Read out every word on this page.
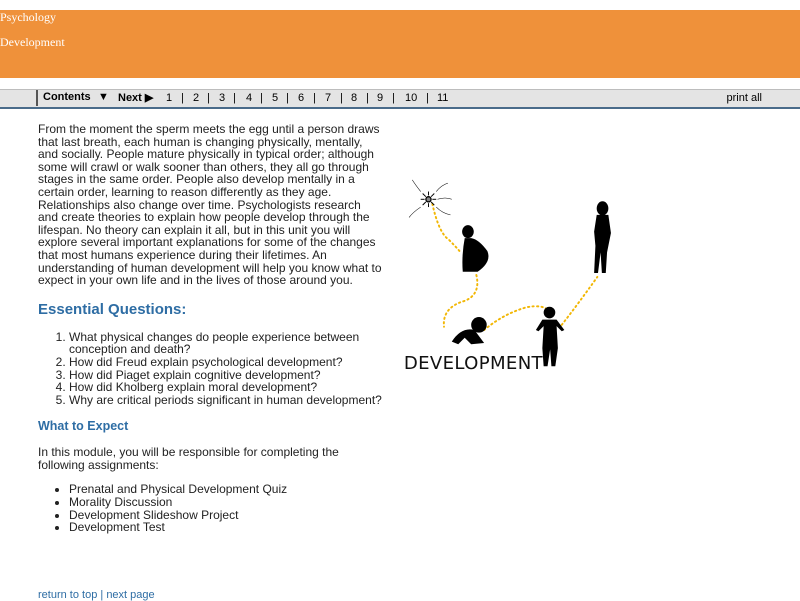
Psychology
Development
Contents ▼ Next ▶ 1 | 2 | 3 | 4 | 5 | 6 | 7 | 8 | 9 | 10 | 11	print all

From the moment the sperm meets the egg until a person draws that last breath, each human is changing physically, mentally, and socially. People mature physically in typical order; although some will crawl or walk sooner than others, they all go through stages in the same order. People also develop mentally in a certain order, learning to reason differently as they age. Relationships also change over time. Psychologists research and create theories to explain how people develop through the lifespan. No theory can explain it all, but in this unit you will explore several important explanations for some of the changes that most humans experience during their lifetimes. An understanding of human development will help you know what to expect in your own life and in the lives of those around you.

Essential Questions:
1. What physical changes do people experience between conception and death?
2. How did Freud explain psychological development?
3. How did Piaget explain cognitive development?
4. How did Kholberg explain moral development?
5. Why are critical periods significant in human development?
What to Expect

In this module, you will be responsible for completing the following assignments:

• Prenatal and Physical Development Quiz
• Morality Discussion
• Development Slideshow Project
• Development Test
DEVELOPMENT
return to top | next page
